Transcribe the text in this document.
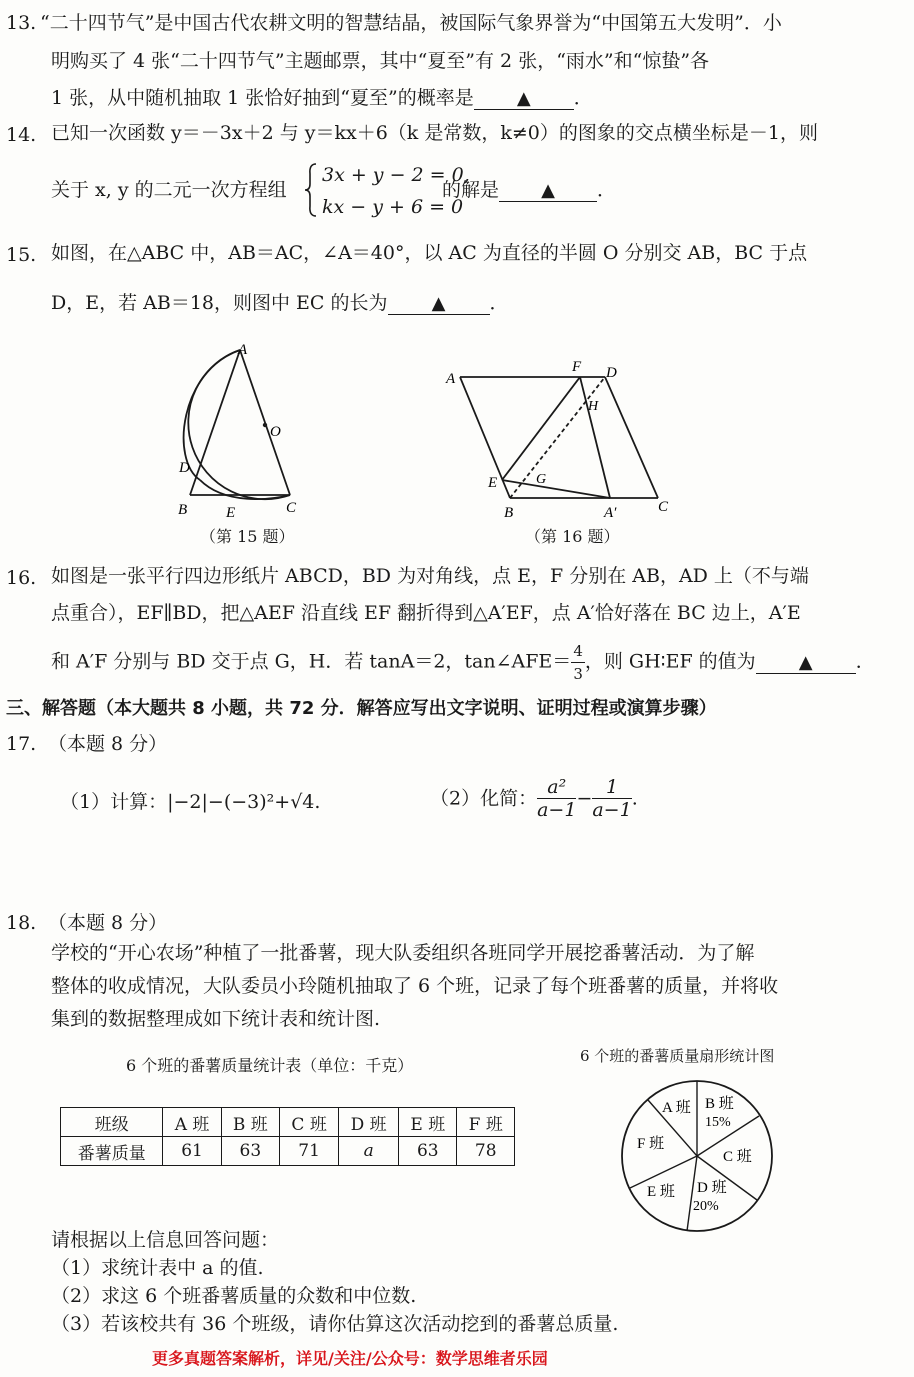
13. “二十四节气”是中国古代农耕文明的智慧结晶，被国际气象界誉为“中国第五大发明”．小
明购买了 4 张“二十四节气”主题邮票，其中“夏至”有 2 张，“雨水”和“惊蛰”各
1 张，从中随机抽取 1 张恰好抽到“夏至”的概率是 ▲ ．
14. 已知一次函数 y＝－3x＋2 与 y＝kx＋6（k 是常数，k≠0）的图象的交点横坐标是－1，则
关于 x, y 的二元一次方程组
3x + y − 2 = 0,
kx − y + 6 = 0
的解是 ▲ ．
15. 如图，在△ABC 中，AB＝AC，∠A＝40°，以 AC 为直径的半圆 O 分别交 AB，BC 于点
D，E，若 AB＝18，则图中 EC 的长为 ▲ ．
A
O
D
B	E	C
（第 15 题）
A
F D
H
E	G
B	A′	C
（第 16 题）
16. 如图是一张平行四边形纸片 ABCD，BD 为对角线，点 E，F 分别在 AB，AD 上（不与端
点重合），EF∥BD，把△AEF 沿直线 EF 翻折得到△A′EF，点 A′恰好落在 BC 边上，A′E
和 A′F 分别与 BD 交于点 G，H．若 tanA＝2，tan∠AFE＝ $\frac{4}{3}$ ，则 GH∶EF 的值为 ▲ ．
三、解答题（本大题共 8 小题，共 72 分．解答应写出文字说明、证明过程或演算步骤）
17. （本题 8 分）
（1）计算：|−2|−(−3)²+√4.	（2）化简： $\frac{\text{a²}}{a-1} - \frac{1}{a-1}$ .
18. （本题 8 分）
学校的“开心农场”种植了一批番薯，现大队委组织各班同学开展挖番薯活动．为了解
整体的收成情况，大队委员小玲随机抽取了 6 个班，记录了每个班番薯的质量，并将收
集到的数据整理成如下统计表和统计图.
6 个班的番薯质量统计表（单位：千克）
班级	A 班	B 班	C 班	D 班	E 班	F 班
番薯质量	61	63	71	a	63	78
6 个班的番薯质量扇形统计图
A 班 B 班
15%
C 班
D 班
20%
E 班
F 班
请根据以上信息回答问题：
（1）求统计表中 a 的值.
（2）求这 6 个班番薯质量的众数和中位数.
（3）若该校共有 36 个班级，请你估算这次活动挖到的番薯总质量.
更多真题答案解析，详见/关注/公众号：数学思维者乐园
